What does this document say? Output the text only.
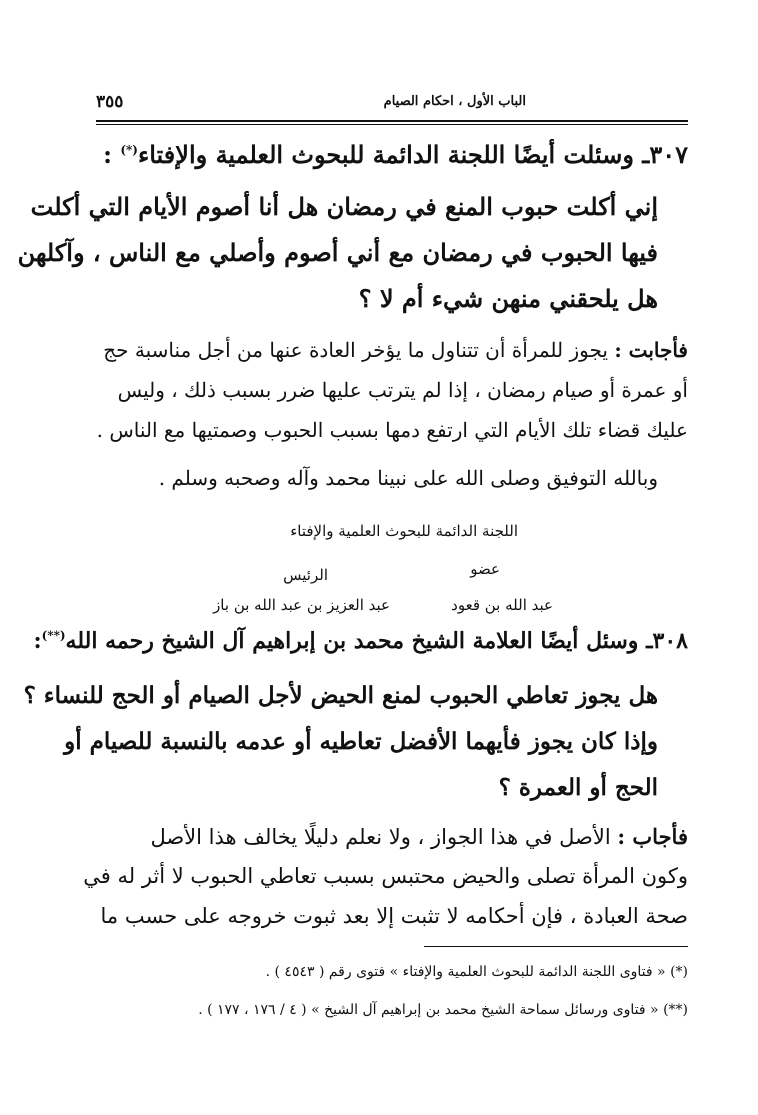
الباب الأول ، احكام الصيام
٣٥٥
٣٠٧ـ وسئلت أيضًا اللجنة الدائمة للبحوث العلمية والإفتاء(*) :
إني أكلت حبوب المنع في رمضان هل أنا أصوم الأيام التي أكلت
فيها الحبوب في رمضان مع أني أصوم وأصلي مع الناس ، وآكلهن
هل يلحقني منهن شيء أم لا ؟
فأجابت : يجوز للمرأة أن تتناول ما يؤخر العادة عنها من أجل مناسبة حج
أو عمرة أو صيام رمضان ، إذا لم يترتب عليها ضرر بسبب ذلك ، وليس
عليك قضاء تلك الأيام التي ارتفع دمها بسبب الحبوب وصمتيها مع الناس .
وبالله التوفيق وصلى الله على نبينا محمد وآله وصحبه وسلم .
اللجنة الدائمة للبحوث العلمية والإفتاء
عضو
الرئيس
عبد الله بن قعود
عبد العزيز بن عبد الله بن باز
٣٠٨ـ وسئل أيضًا العلامة الشيخ محمد بن إبراهيم آل الشيخ رحمه الله(**):
هل يجوز تعاطي الحبوب لمنع الحيض لأجل الصيام أو الحج للنساء ؟
وإذا كان يجوز فأيهما الأفضل تعاطيه أو عدمه بالنسبة للصيام أو
الحج أو العمرة ؟
فأجاب : الأصل في هذا الجواز ، ولا نعلم دليلًا يخالف هذا الأصل
وكون المرأة تصلى والحيض محتبس بسبب تعاطي الحبوب لا أثر له في
صحة العبادة ، فإن أحكامه لا تثبت إلا بعد ثبوت خروجه على حسب ما
(*) « فتاوى اللجنة الدائمة للبحوث العلمية والإفتاء » فتوى رقم ( ٤٥٤٣ ) .
(**) « فتاوى ورسائل سماحة الشيخ محمد بن إبراهيم آل الشيخ » ( ٤ / ١٧٦ ، ١٧٧ ) .
